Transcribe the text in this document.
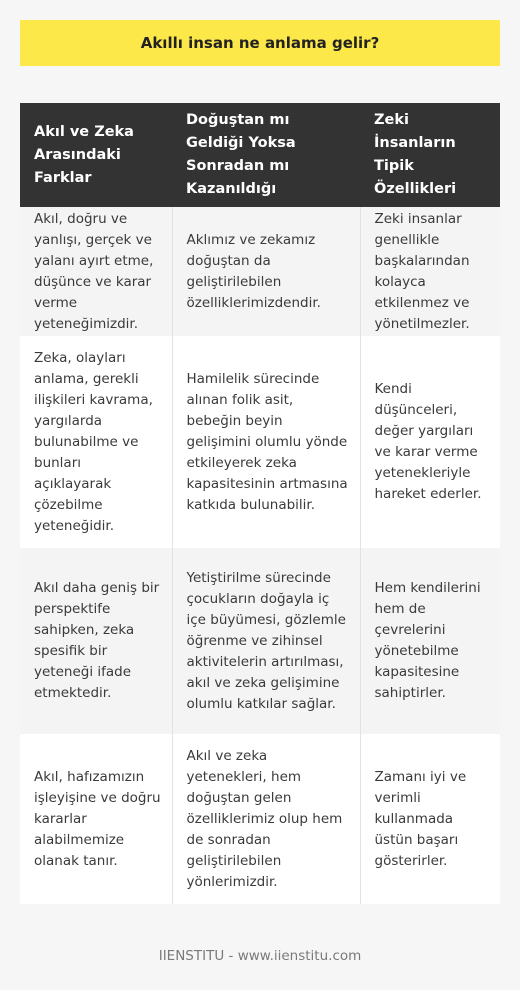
Akıllı insan ne anlama gelir?
Akıl ve Zeka Arasındaki Farklar	Doğuştan mı Geldiği Yoksa Sonradan mı Kazanıldığı	Zeki İnsanların Tipik Özellikleri
Akıl, doğru ve yanlışı, gerçek ve yalanı ayırt etme, düşünce ve karar verme yeteneğimizdir.	Aklımız ve zekamız doğuştan da geliştirilebilen özelliklerimizdendir.	Zeki insanlar genellikle başkalarından kolayca etkilenmez ve yönetilmezler.
Zeka, olayları anlama, gerekli ilişkileri kavrama, yargılarda bulunabilme ve bunları açıklayarak çözebilme yeteneğidir.	Hamilelik sürecinde alınan folik asit, bebeğin beyin gelişimini olumlu yönde etkileyerek zeka kapasitesinin artmasına katkıda bulunabilir.	Kendi düşünceleri, değer yargıları ve karar verme yetenekleriyle hareket ederler.
Akıl daha geniş bir perspektife sahipken, zeka spesifik bir yeteneği ifade etmektedir.	Yetiştirilme sürecinde çocukların doğayla iç içe büyümesi, gözlemle öğrenme ve zihinsel aktivitelerin artırılması, akıl ve zeka gelişimine olumlu katkılar sağlar.	Hem kendilerini hem de çevrelerini yönetebilme kapasitesine sahiptirler.
Akıl, hafızamızın işleyişine ve doğru kararlar alabilmemize olanak tanır.	Akıl ve zeka yetenekleri, hem doğuştan gelen özelliklerimiz olup hem de sonradan geliştirilebilen yönlerimizdir.	Zamanı iyi ve verimli kullanmada üstün başarı gösterirler.
IIENSTITU - www.iienstitu.com
